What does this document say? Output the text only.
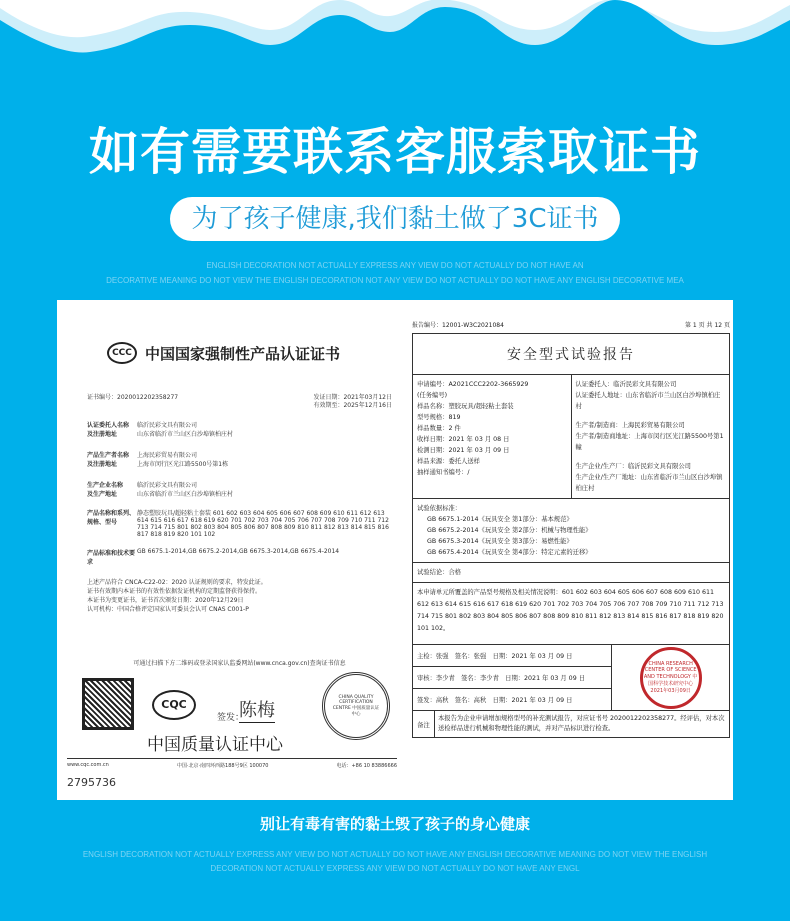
如有需要联系客服索取证书
为了孩子健康,我们黏土做了3C证书
ENGLISH DECORATION NOT ACTUALLY EXPRESS ANY VIEW DO NOT ACTUALLY DO NOT HAVE AN
DECORATIVE MEANING DO NOT VIEW THE ENGLISH DECORATION NOT ANY VIEW DO NOT ACTUALLY DO NOT HAVE ANY ENGLISH DECORATIVE MEA
CCC 中国国家强制性产品认证证书
证书编号：2020012202358277	发证日期：2021年03月12日
有效期至：2025年12月16日
认证委托人名称	临沂民彩文具有限公司
及注册地址	山东省临沂市兰山区白沙埠镇柏庄村
产品生产者名称	上海民彩贸易有限公司
及注册地址	上海市闵行区光江路5500号第1栋
生产企业名称	临沂民彩文具有限公司
及生产地址	山东省临沂市兰山区白沙埠镇柏庄村
产品名称和系列、规格、型号
静态塑胶玩具/超轻粘土套装 601 602 603 604 605 606 607 608 609 610 611 612 613 614 615 616 617 618 619 620 701 702 703 704 705 706 707 708 709 710 711 712 713 714 715 801 802 803 804 805 806 807 808 809 810 811 812 813 814 815 816 817 818 819 820 101 102
产品标准和技术要求
GB 6675.1-2014,GB 6675.2-2014,GB 6675.3-2014,GB 6675.4-2014
上述产品符合 CNCA-C22-02：2020 认证规则的要求，特发此证。
证书有效期内本证书的有效性依据发证机构的定期监督获得保持。
本证书为变更证书，证书首次颁发日期：2020年12月29日
认可机构：中国合格评定国家认可委员会认可 CNAS C001-P
可通过扫描下方二维码或登录国家认监委网站(www.cnca.gov.cn)查询证书信息
CQC
签发：
陈梅
中国质量认证中心
CHINA QUALITY CERTIFICATION CENTRE 中国质量认证中心
www.cqc.com.cn	中国·北京·南四环西路188号9区 100070	电话：+86 10 83886666
2795736
报告编号：12001-W3C2021084	第 1 页 共 12 页
安全型式试验报告
申请编号：A2021CCC2202-3665929
(任务编号)
样品名称：塑胶玩具/超轻粘土套装
型号规格：819
样品数量：2 件
收样日期：2021 年 03 月 08 日
检测日期：2021 年 03 月 09 日
样品来源：委托人送样
抽样通知书编号：/
认证委托人：临沂民彩文具有限公司
认证委托人地址：山东省临沂市兰山区白沙埠镇柏庄村
生产者/制造商：上海民彩贸易有限公司
生产者/制造商地址：上海市闵行区光江路5500号第1幢
生产企业/生产厂：临沂民彩文具有限公司
生产企业/生产厂地址：山东省临沂市兰山区白沙埠镇柏庄村
试验依据标准：
GB 6675.1-2014《玩具安全 第1部分：基本规范》
GB 6675.2-2014《玩具安全 第2部分：机械与物理性能》
GB 6675.3-2014《玩具安全 第3部分：易燃性能》
GB 6675.4-2014《玩具安全 第4部分：特定元素的迁移》
试验结论：合格
本申请单元所覆盖的产品型号规格及相关情况说明：601 602 603 604 605 606 607 608 609 610 611 612 613 614 615 616 617 618 619 620 701 702 703 704 705 706 707 708 709 710 711 712 713 714 715 801 802 803 804 805 806 807 808 809 810 811 812 813 814 815 816 817 818 819 820 101 102。
主检：张强　签名：张强　日期：2021 年 03 月 09 日
审核：李少青　签名：李少青　日期：2021 年 03 月 09 日
签发：高秋　签名：高秋　日期：2021 年 03 月 09 日
CHINA RESEARCH CENTER OF SCIENCE AND TECHNOLOGY 中国科学技术研究中心 2021年03月09日
备注
本报告为企业申请增加规格型号的补充测试报告，对应证书号 2020012202358277。经评估，对本次送检样品进行机械和物理性能的测试，并对产品标识进行检查。
别让有毒有害的黏土毁了孩子的身心健康
ENGLISH DECORATION NOT ACTUALLY EXPRESS ANY VIEW DO NOT ACTUALLY DO NOT HAVE ANY ENGLISH DECORATIVE MEANING DO NOT VIEW THE ENGLISH
DECORATION NOT ACTUALLY EXPRESS ANY VIEW DO NOT ACTUALLY DO NOT HAVE ANY ENGL
